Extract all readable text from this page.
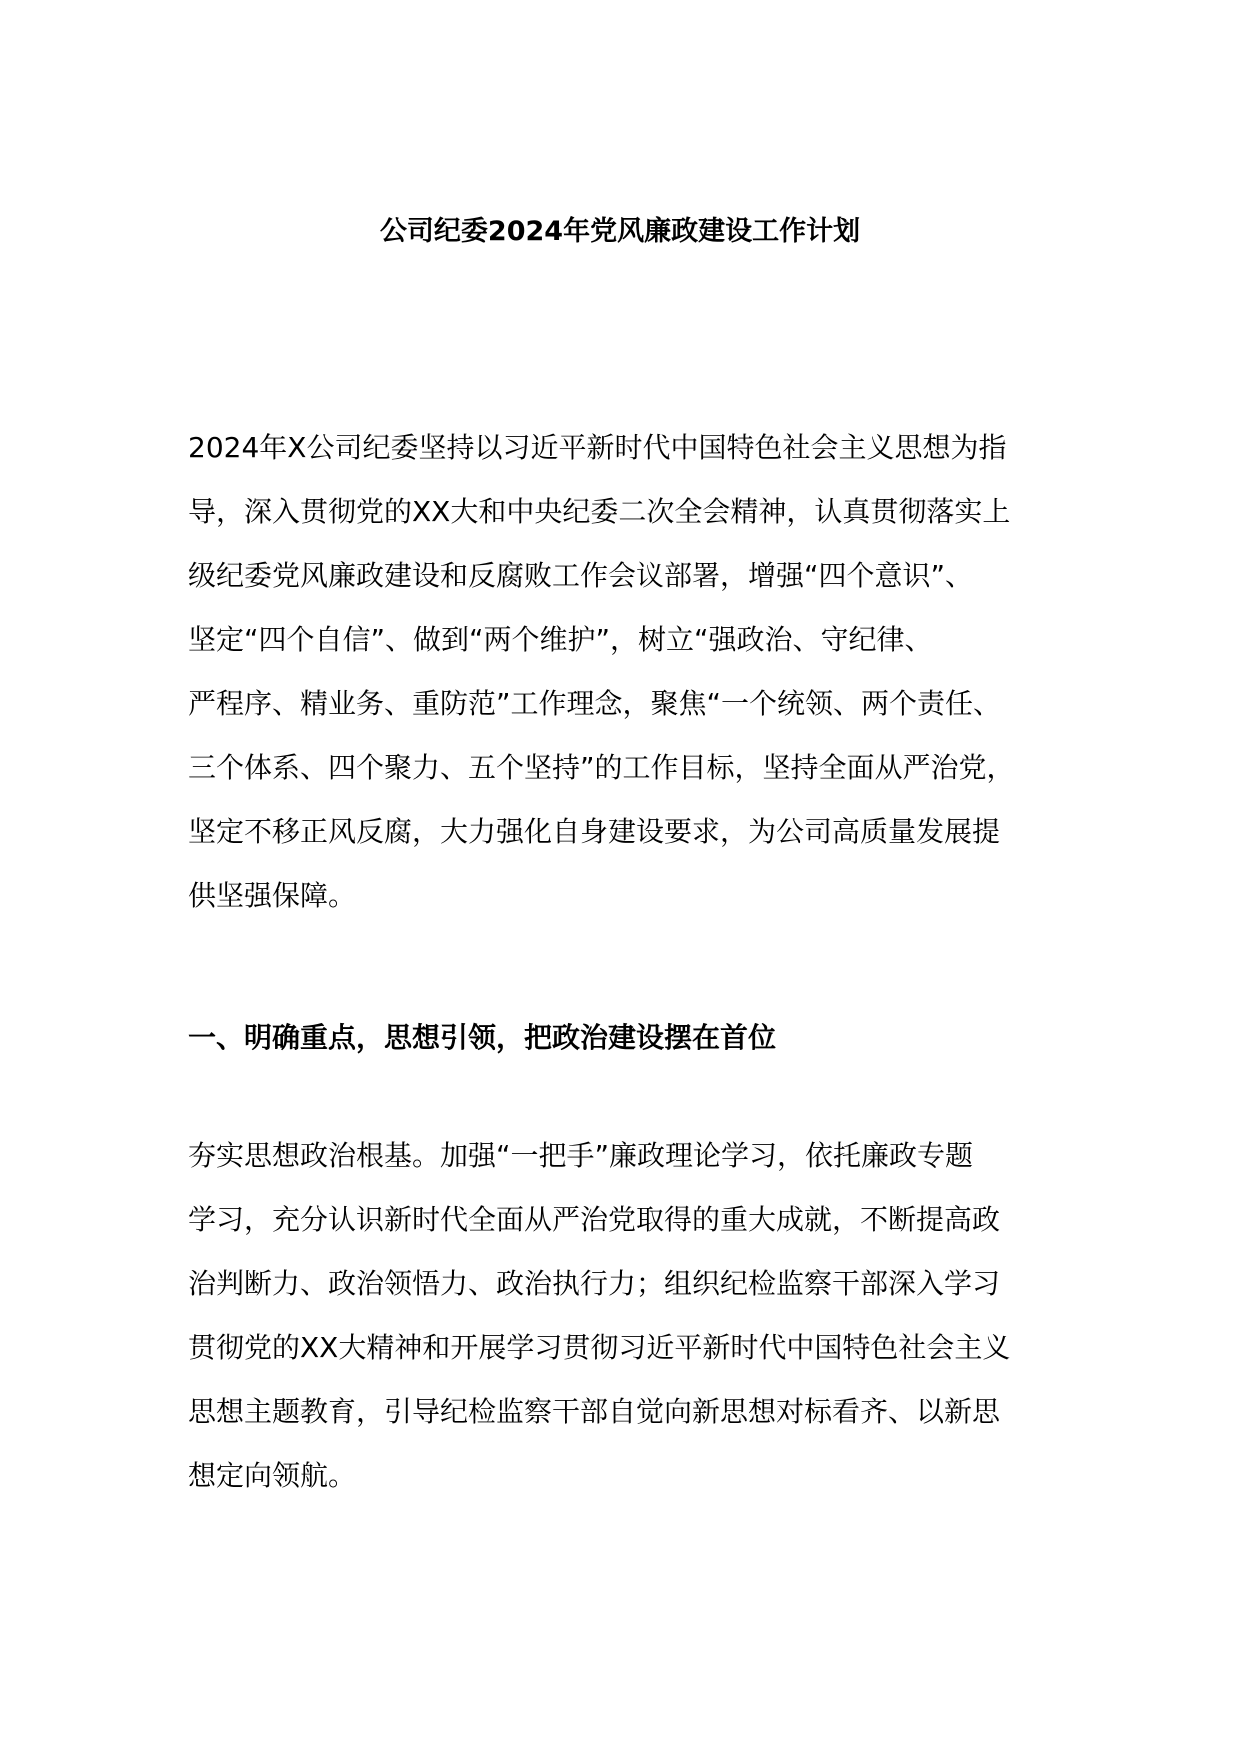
公司纪委2024年党风廉政建设工作计划
2024年X公司纪委坚持以习近平新时代中国特色社会主义思想为指
导，深入贯彻党的XX大和中央纪委二次全会精神，认真贯彻落实上
级纪委党风廉政建设和反腐败工作会议部署，增强“四个意识”、
坚定“四个自信”、做到“两个维护”，树立“强政治、守纪律、
严程序、精业务、重防范”工作理念，聚焦“一个统领、两个责任、
三个体系、四个聚力、五个坚持”的工作目标，坚持全面从严治党，
坚定不移正风反腐，大力强化自身建设要求，为公司高质量发展提
供坚强保障。
一、明确重点，思想引领，把政治建设摆在首位
夯实思想政治根基。加强“一把手”廉政理论学习，依托廉政专题
学习，充分认识新时代全面从严治党取得的重大成就，不断提高政
治判断力、政治领悟力、政治执行力；组织纪检监察干部深入学习
贯彻党的XX大精神和开展学习贯彻习近平新时代中国特色社会主义
思想主题教育，引导纪检监察干部自觉向新思想对标看齐、以新思
想定向领航。
